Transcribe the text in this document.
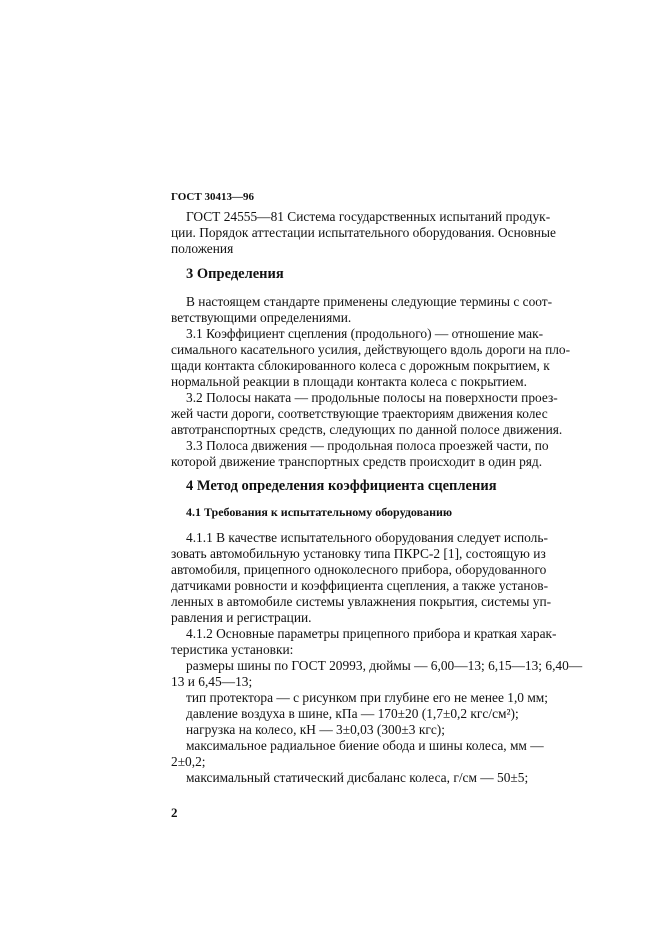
ГОСТ 30413—96
ГОСТ 24555—81 Система государственных испытаний продук-
ции. Порядок аттестации испытательного оборудования. Основные
положения
3 Определения
В настоящем стандарте применены следующие термины с соот-
ветствующими определениями.
3.1 Коэффициент сцепления (продольного) — отношение мак-
симального касательного усилия, действующего вдоль дороги на пло-
щади контакта сблокированного колеса с дорожным покрытием, к
нормальной реакции в площади контакта колеса с покрытием.
3.2 Полосы наката — продольные полосы на поверхности проез-
жей части дороги, соответствующие траекториям движения колес
автотранспортных средств, следующих по данной полосе движения.
3.3 Полоса движения — продольная полоса проезжей части, по
которой движение транспортных средств происходит в один ряд.
4 Метод определения коэффициента сцепления
4.1 Требования к испытательному оборудованию
4.1.1 В качестве испытательного оборудования следует исполь-
зовать автомобильную установку типа ПКРС-2 [1], состоящую из
автомобиля, прицепного одноколесного прибора, оборудованного
датчиками ровности и коэффициента сцепления, а также установ-
ленных в автомобиле системы увлажнения покрытия, системы уп-
равления и регистрации.
4.1.2 Основные параметры прицепного прибора и краткая харак-
теристика установки:
размеры шины по ГОСТ 20993, дюймы — 6,00—13; 6,15—13; 6,40—
13 и 6,45—13;
тип протектора — с рисунком при глубине его не менее 1,0 мм;
давление воздуха в шине, кПа — 170±20 (1,7±0,2 кгс/см²);
нагрузка на колесо, кН — 3±0,03 (300±3 кгс);
максимальное радиальное биение обода и шины колеса, мм —
2±0,2;
максимальный статический дисбаланс колеса, г/см — 50±5;
2
